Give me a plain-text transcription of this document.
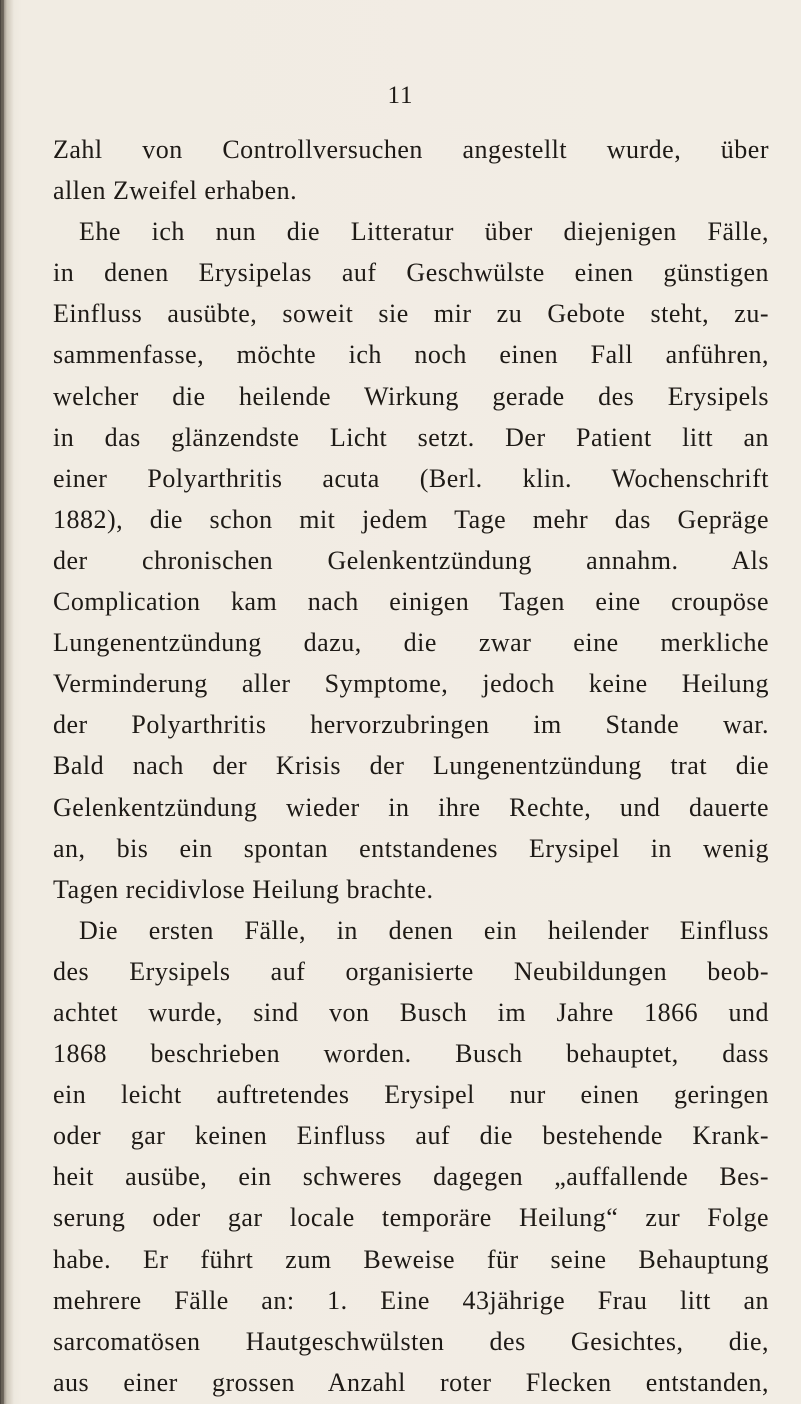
11
Zahl von Controllversuchen angestellt wurde, über
allen Zweifel erhaben.
Ehe ich nun die Litteratur über diejenigen Fälle,
in denen Erysipelas auf Geschwülste einen günstigen
Einfluss ausübte, soweit sie mir zu Gebote steht, zu-
sammenfasse, möchte ich noch einen Fall anführen,
welcher die heilende Wirkung gerade des Erysipels
in das glänzendste Licht setzt. Der Patient litt an
einer Polyarthritis acuta (Berl. klin. Wochenschrift
1882), die schon mit jedem Tage mehr das Gepräge
der chronischen Gelenkentzündung annahm. Als
Complication kam nach einigen Tagen eine croupöse
Lungenentzündung dazu, die zwar eine merkliche
Verminderung aller Symptome, jedoch keine Heilung
der Polyarthritis hervorzubringen im Stande war.
Bald nach der Krisis der Lungenentzündung trat die
Gelenkentzündung wieder in ihre Rechte, und dauerte
an, bis ein spontan entstandenes Erysipel in wenig
Tagen recidivlose Heilung brachte.
Die ersten Fälle, in denen ein heilender Einfluss
des Erysipels auf organisierte Neubildungen beob-
achtet wurde, sind von Busch im Jahre 1866 und
1868 beschrieben worden. Busch behauptet, dass
ein leicht auftretendes Erysipel nur einen geringen
oder gar keinen Einfluss auf die bestehende Krank-
heit ausübe, ein schweres dagegen „auffallende Bes-
serung oder gar locale temporäre Heilung“ zur Folge
habe. Er führt zum Beweise für seine Behauptung
mehrere Fälle an: 1. Eine 43jährige Frau litt an
sarcomatösen Hautgeschwülsten des Gesichtes, die,
aus einer grossen Anzahl roter Flecken entstanden,
